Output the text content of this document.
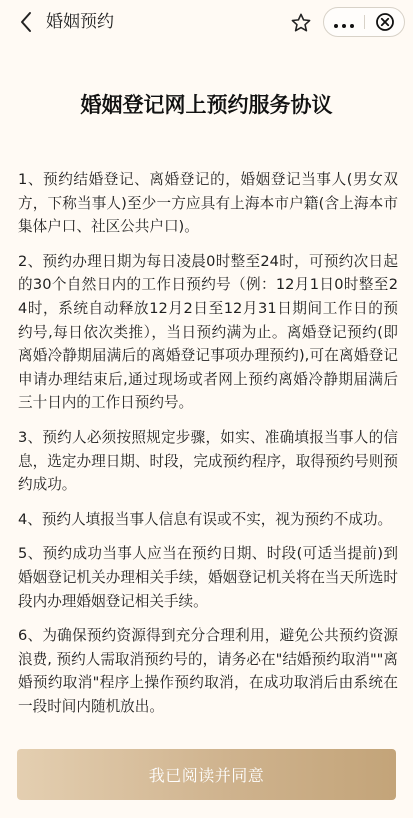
婚姻预约
婚姻登记网上预约服务协议

1、预约结婚登记、离婚登记的，婚姻登记当事人(男女双方，下称当事人)至少一方应具有上海本市户籍(含上海本市集体户口、社区公共户口)。

2、预约办理日期为每日凌晨0时整至24时，可预约次日起的30个自然日内的工作日预约号（例：12月1日0时整至24时，系统自动释放12月2日至12月31日期间工作日的预约号,每日依次类推），当日预约满为止。离婚登记预约(即离婚冷静期届满后的离婚登记事项办理预约),可在离婚登记申请办理结束后,通过现场或者网上预约离婚冷静期届满后三十日内的工作日预约号。

3、预约人必须按照规定步骤，如实、准确填报当事人的信息，选定办理日期、时段，完成预约程序，取得预约号则预约成功。

4、预约人填报当事人信息有误或不实，视为预约不成功。

5、预约成功当事人应当在预约日期、时段(可适当提前)到婚姻登记机关办理相关手续，婚姻登记机关将在当天所选时段内办理婚姻登记相关手续。

6、为确保预约资源得到充分合理利用，避免公共预约资源浪费, 预约人需取消预约号的，请务必在"结婚预约取消""离婚预约取消"程序上操作预约取消，在成功取消后由系统在一段时间内随机放出。

我已阅读并同意
